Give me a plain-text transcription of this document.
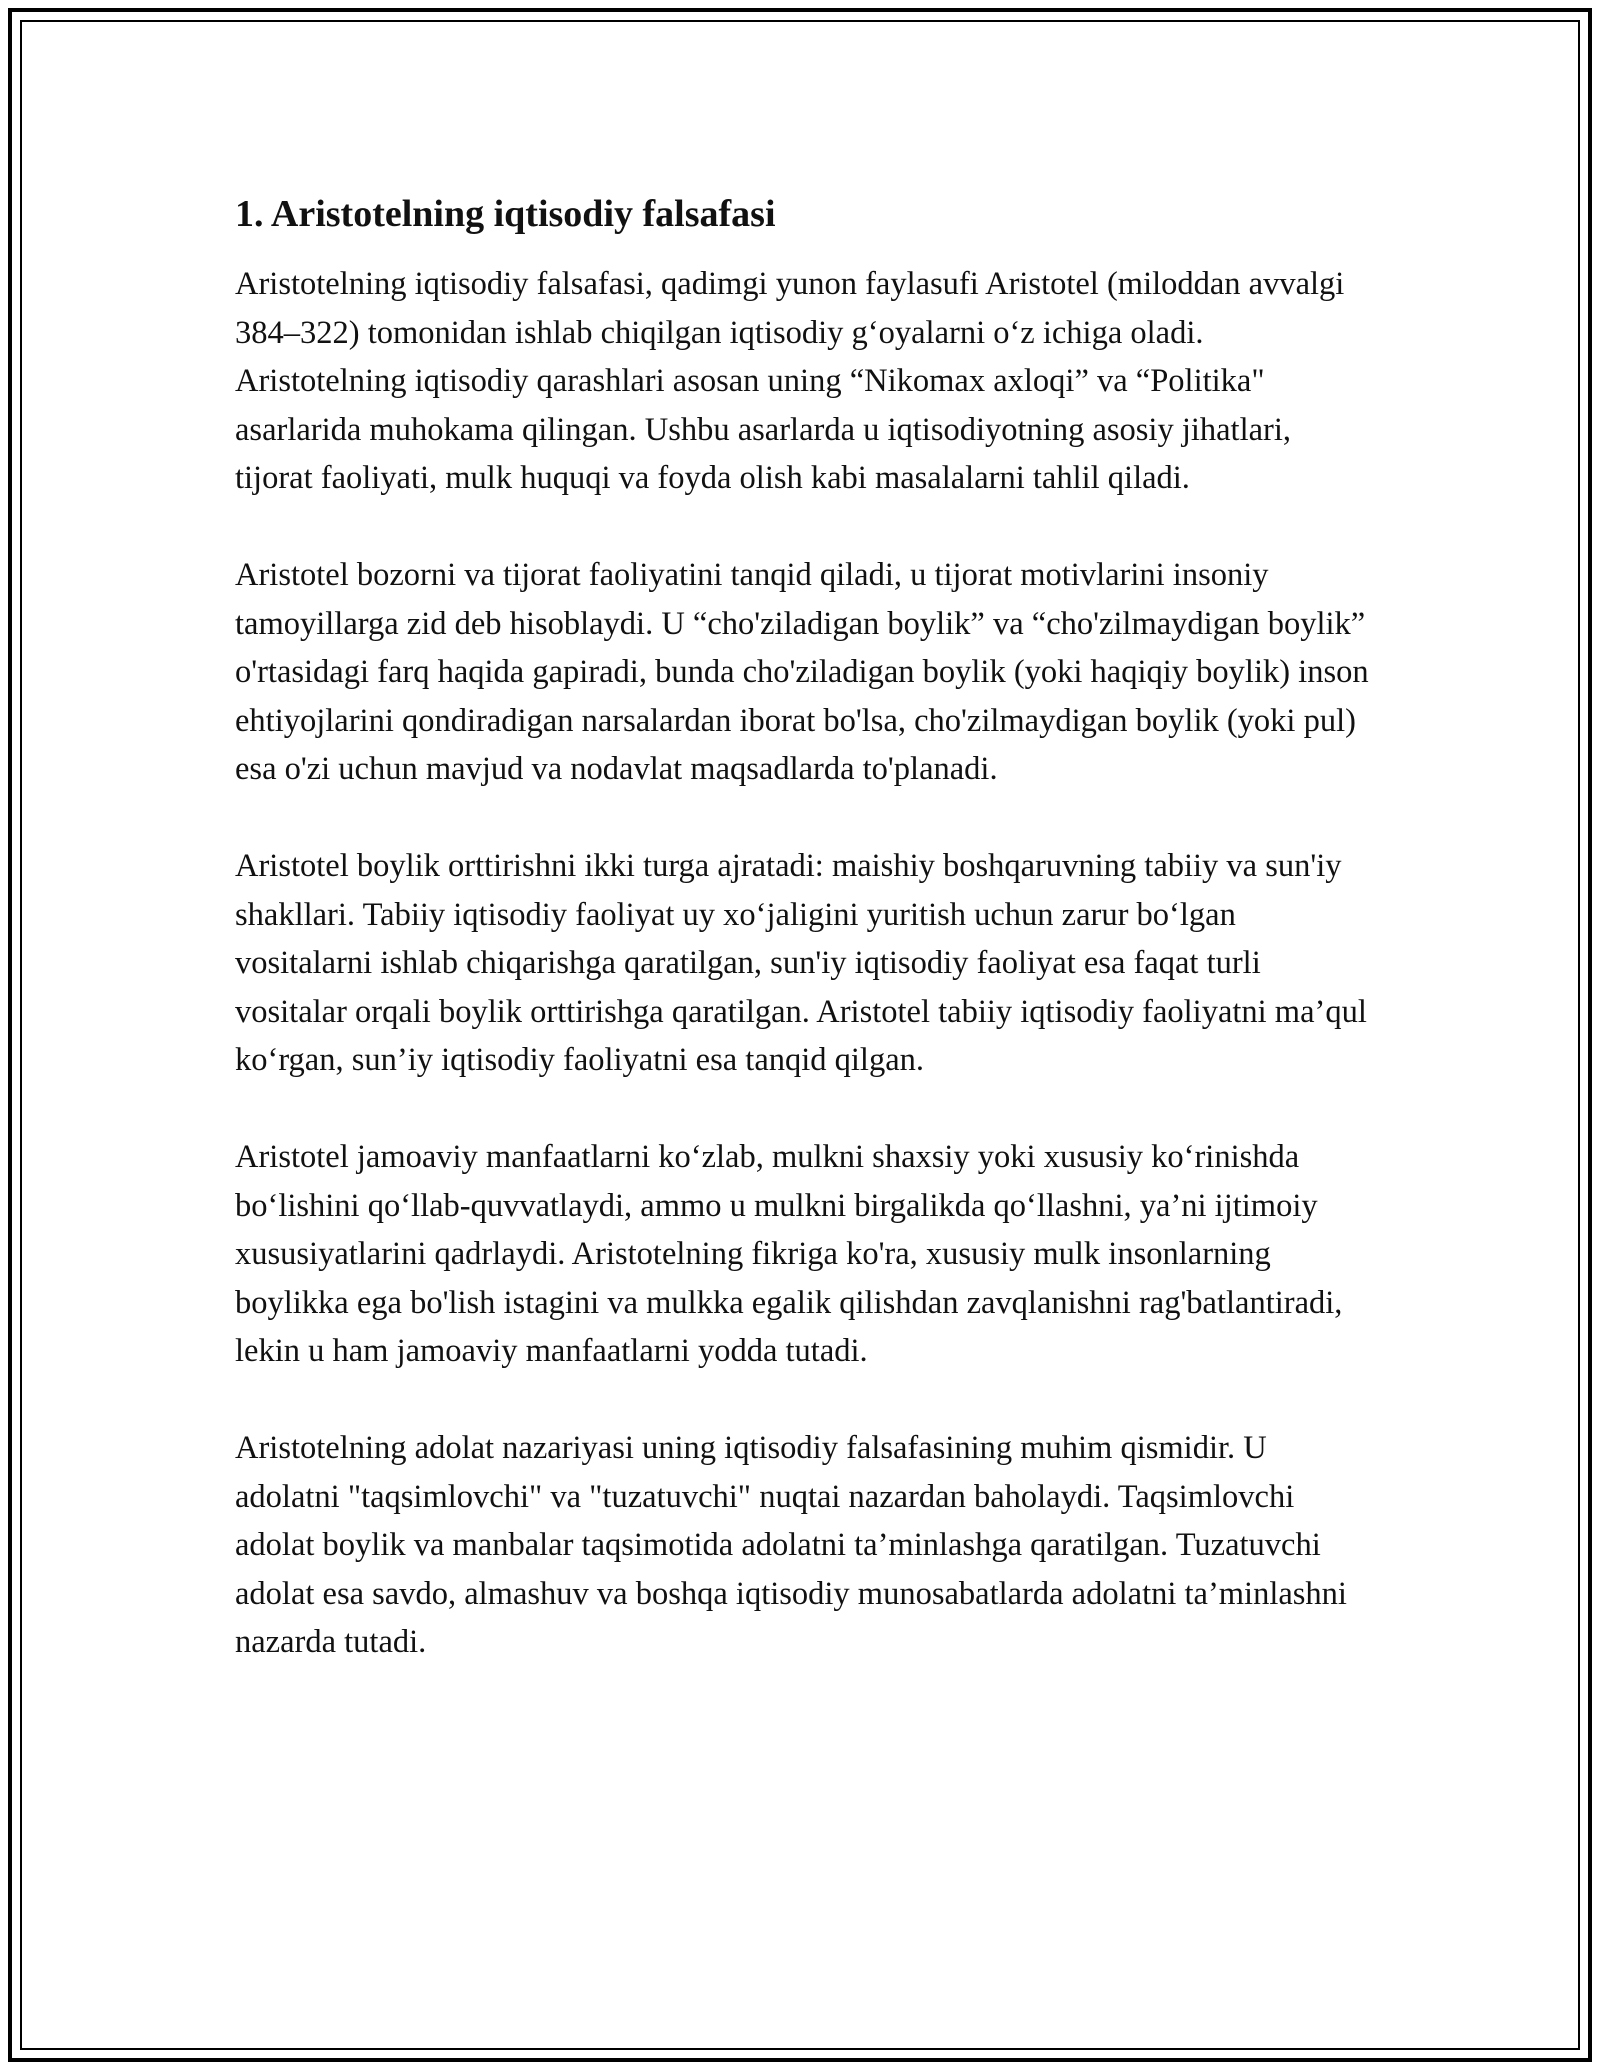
1. Aristotelning iqtisodiy falsafasi

Aristotelning iqtisodiy falsafasi, qadimgi yunon faylasufi Aristotel (miloddan avvalgi 384–322) tomonidan ishlab chiqilgan iqtisodiy g‘oyalarni o‘z ichiga oladi. Aristotelning iqtisodiy qarashlari asosan uning “Nikomax axloqi” va “Politika" asarlarida muhokama qilingan. Ushbu asarlarda u iqtisodiyotning asosiy jihatlari, tijorat faoliyati, mulk huquqi va foyda olish kabi masalalarni tahlil qiladi.

Aristotel bozorni va tijorat faoliyatini tanqid qiladi, u tijorat motivlarini insoniy tamoyillarga zid deb hisoblaydi. U “cho'ziladigan boylik” va “cho'zilmaydigan boylik” o'rtasidagi farq haqida gapiradi, bunda cho'ziladigan boylik (yoki haqiqiy boylik) inson ehtiyojlarini qondiradigan narsalardan iborat bo'lsa, cho'zilmaydigan boylik (yoki pul) esa o'zi uchun mavjud va nodavlat maqsadlarda to'planadi.

Aristotel boylik orttirishni ikki turga ajratadi: maishiy boshqaruvning tabiiy va sun'iy shakllari. Tabiiy iqtisodiy faoliyat uy xo‘jaligini yuritish uchun zarur bo‘lgan vositalarni ishlab chiqarishga qaratilgan, sun'iy iqtisodiy faoliyat esa faqat turli vositalar orqali boylik orttirishga qaratilgan. Aristotel tabiiy iqtisodiy faoliyatni ma’qul ko‘rgan, sun’iy iqtisodiy faoliyatni esa tanqid qilgan.

Aristotel jamoaviy manfaatlarni ko‘zlab, mulkni shaxsiy yoki xususiy ko‘rinishda bo‘lishini qo‘llab-quvvatlaydi, ammo u mulkni birgalikda qo‘llashni, ya’ni ijtimoiy xususiyatlarini qadrlaydi. Aristotelning fikriga ko'ra, xususiy mulk insonlarning boylikka ega bo'lish istagini va mulkka egalik qilishdan zavqlanishni rag'batlantiradi, lekin u ham jamoaviy manfaatlarni yodda tutadi.

Aristotelning adolat nazariyasi uning iqtisodiy falsafasining muhim qismidir. U adolatni "taqsimlovchi" va "tuzatuvchi" nuqtai nazardan baholaydi. Taqsimlovchi adolat boylik va manbalar taqsimotida adolatni ta’minlashga qaratilgan. Tuzatuvchi adolat esa savdo, almashuv va boshqa iqtisodiy munosabatlarda adolatni ta’minlashni nazarda tutadi.
